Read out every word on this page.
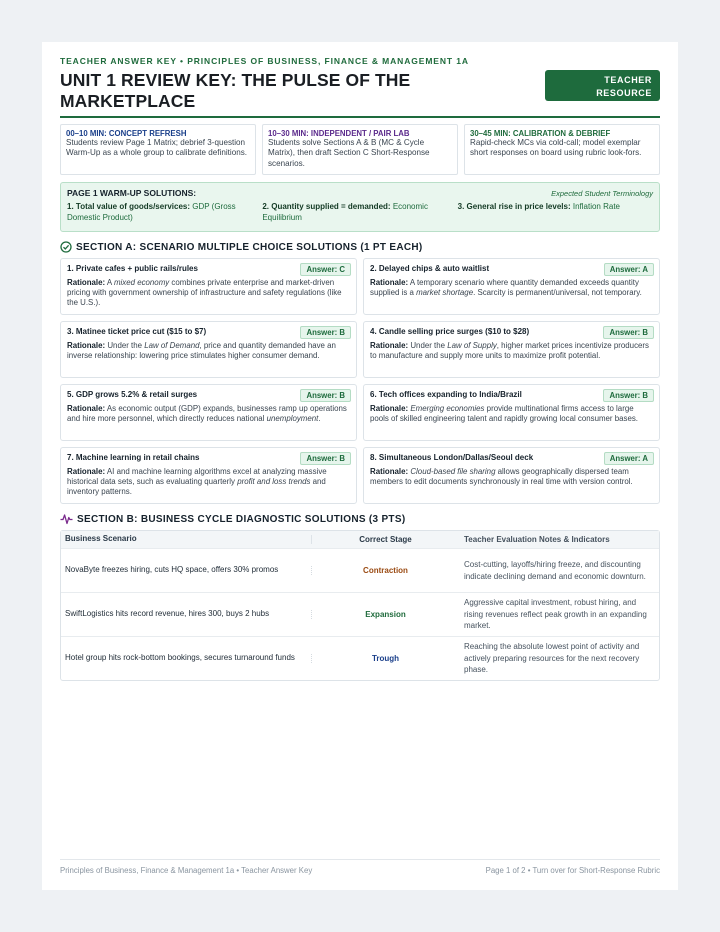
TEACHER ANSWER KEY • PRINCIPLES OF BUSINESS, FINANCE & MANAGEMENT 1A
UNIT 1 REVIEW KEY: THE PULSE OF THE MARKETPLACE
TEACHER
RESOURCE
00–10 MIN: CONCEPT REFRESH
Students review Page 1 Matrix; debrief 3-question Warm-Up as a whole group to calibrate definitions.
10–30 MIN: INDEPENDENT / PAIR LAB
Students solve Sections A & B (MC & Cycle Matrix), then draft Section C Short-Response scenarios.
30–45 MIN: CALIBRATION & DEBRIEF
Rapid-check MCs via cold-call; model exemplar short responses on board using rubric look-fors.
PAGE 1 WARM-UP SOLUTIONS:	Expected Student Terminology
1. Total value of goods/services: GDP (Gross Domestic Product)
2. Quantity supplied = demanded: Economic Equilibrium
3. General rise in price levels: Inflation Rate
SECTION A: SCENARIO MULTIPLE CHOICE SOLUTIONS (1 PT EACH)
1. Private cafes + public rails/rules	Answer: C
Rationale: A mixed economy combines private enterprise and market-driven pricing with government ownership of infrastructure and safety regulations (like the U.S.).
2. Delayed chips & auto waitlist	Answer: A
Rationale: A temporary scenario where quantity demanded exceeds quantity supplied is a market shortage. Scarcity is permanent/universal, not temporary.
3. Matinee ticket price cut ($15 to $7)	Answer: B
Rationale: Under the Law of Demand, price and quantity demanded have an inverse relationship: lowering price stimulates higher consumer demand.
4. Candle selling price surges ($10 to $28)	Answer: B
Rationale: Under the Law of Supply, higher market prices incentivize producers to manufacture and supply more units to maximize profit potential.
5. GDP grows 5.2% & retail surges	Answer: B
Rationale: As economic output (GDP) expands, businesses ramp up operations and hire more personnel, which directly reduces national unemployment.
6. Tech offices expanding to India/Brazil	Answer: B
Rationale: Emerging economies provide multinational firms access to large pools of skilled engineering talent and rapidly growing local consumer bases.
7. Machine learning in retail chains	Answer: B
Rationale: AI and machine learning algorithms excel at analyzing massive historical data sets, such as evaluating quarterly profit and loss trends and inventory patterns.
8. Simultaneous London/Dallas/Seoul deck	Answer: A
Rationale: Cloud-based file sharing allows geographically dispersed team members to edit documents synchronously in real time with version control.
SECTION B: BUSINESS CYCLE DIAGNOSTIC SOLUTIONS (3 PTS)
Business Scenario	Correct Stage	Teacher Evaluation Notes & Indicators
NovaByte freezes hiring, cuts HQ space, offers 30% promos	Contraction
Cost-cutting, layoffs/hiring freeze, and discounting indicate declining demand and economic downturn.
SwiftLogistics hits record revenue, hires 300, buys 2 hubs	Expansion
Aggressive capital investment, robust hiring, and rising revenues reflect peak growth in an expanding market.
Hotel group hits rock-bottom bookings, secures turnaround funds	Trough
Reaching the absolute lowest point of activity and actively preparing resources for the next recovery phase.
Principles of Business, Finance & Management 1a • Teacher Answer Key	Page 1 of 2 • Turn over for Short-Response Rubric
